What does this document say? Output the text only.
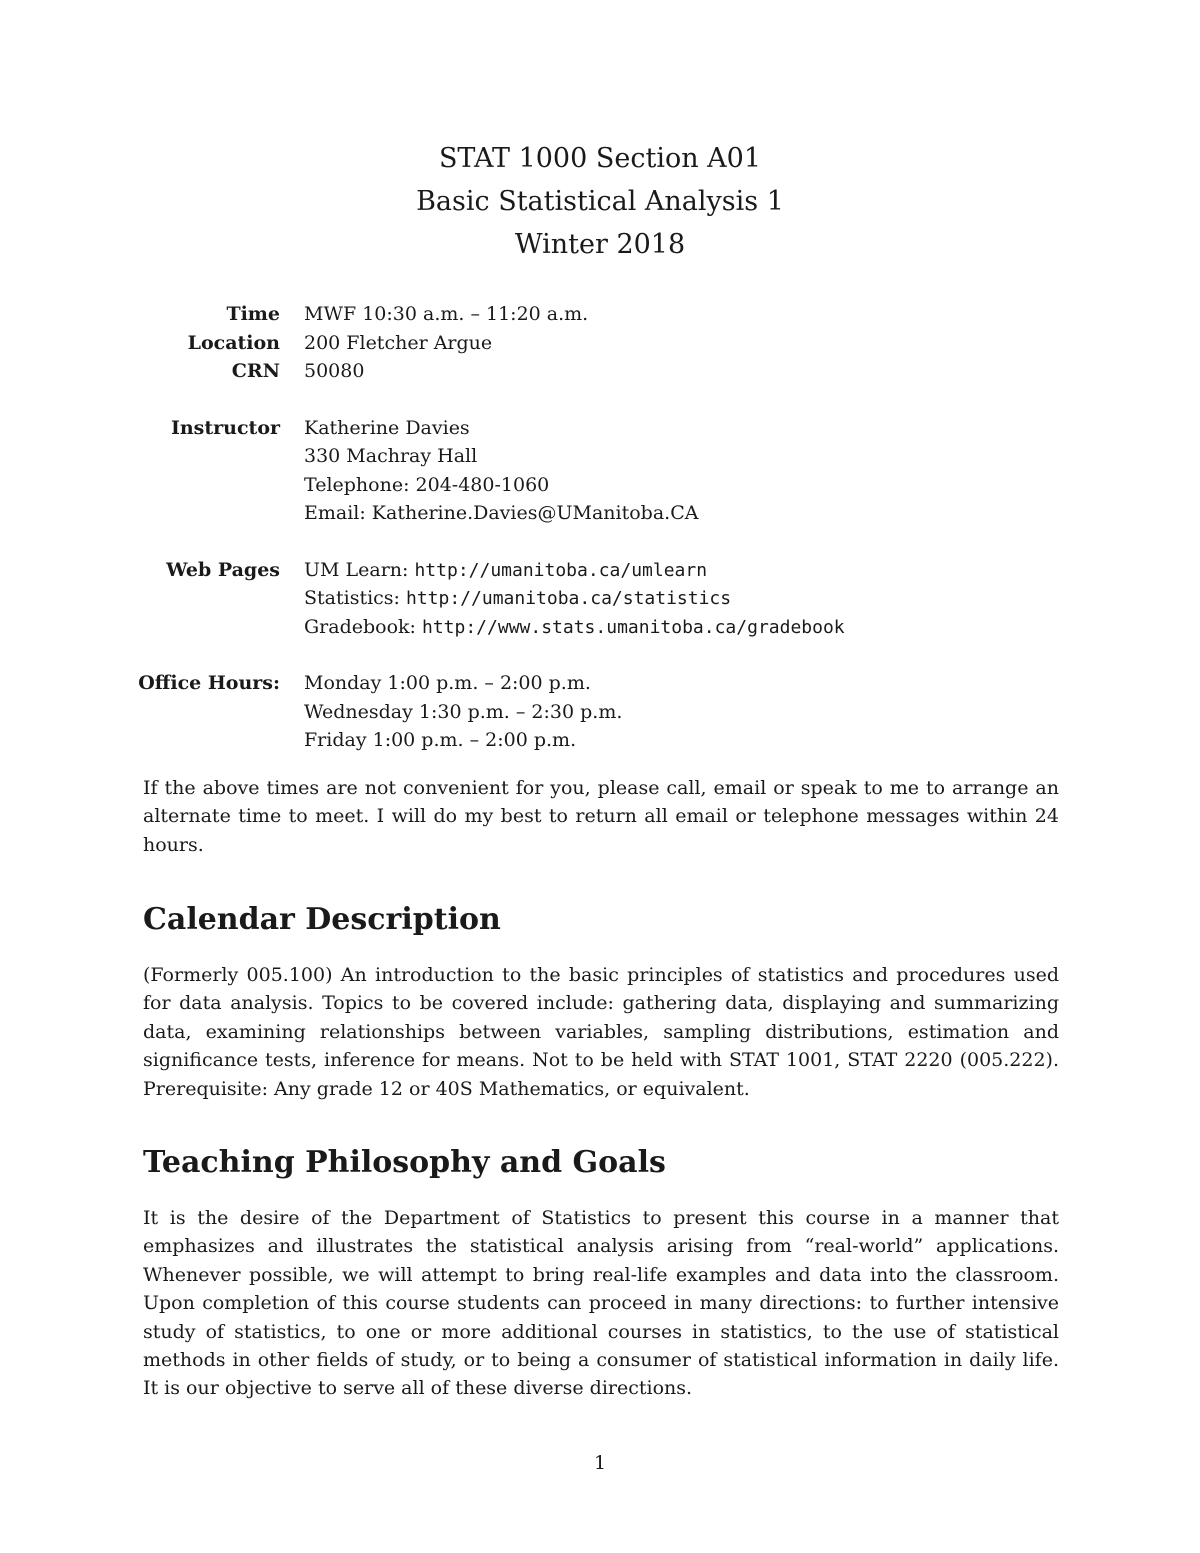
STAT 1000 Section A01
Basic Statistical Analysis 1
Winter 2018
Time	MWF 10:30 a.m. – 11:20 a.m.
Location	200 Fletcher Argue
CRN	50080
Instructor	Katherine Davies
330 Machray Hall
Telephone: 204-480-1060
Email: Katherine.Davies@UManitoba.CA
Web Pages	UM Learn: http://umanitoba.ca/umlearn
Statistics: http://umanitoba.ca/statistics
Gradebook: http://www.stats.umanitoba.ca/gradebook
Office Hours:	Monday 1:00 p.m. – 2:00 p.m.
Wednesday 1:30 p.m. – 2:30 p.m.
Friday 1:00 p.m. – 2:00 p.m.

If the above times are not convenient for you, please call, email or speak to me to arrange an alternate time to meet. I will do my best to return all email or telephone messages within 24 hours.

Calendar Description

(Formerly 005.100) An introduction to the basic principles of statistics and procedures used for data analysis. Topics to be covered include: gathering data, displaying and summarizing data, examining relationships between variables, sampling distributions, estimation and significance tests, inference for means. Not to be held with STAT 1001, STAT 2220 (005.222). Prerequisite: Any grade 12 or 40S Mathematics, or equivalent.

Teaching Philosophy and Goals

It is the desire of the Department of Statistics to present this course in a manner that emphasizes and illustrates the statistical analysis arising from “real-world” applications. Whenever possible, we will attempt to bring real-life examples and data into the classroom. Upon completion of this course students can proceed in many directions: to further intensive study of statistics, to one or more additional courses in statistics, to the use of statistical methods in other fields of study, or to being a consumer of statistical information in daily life. It is our objective to serve all of these diverse directions.

1
